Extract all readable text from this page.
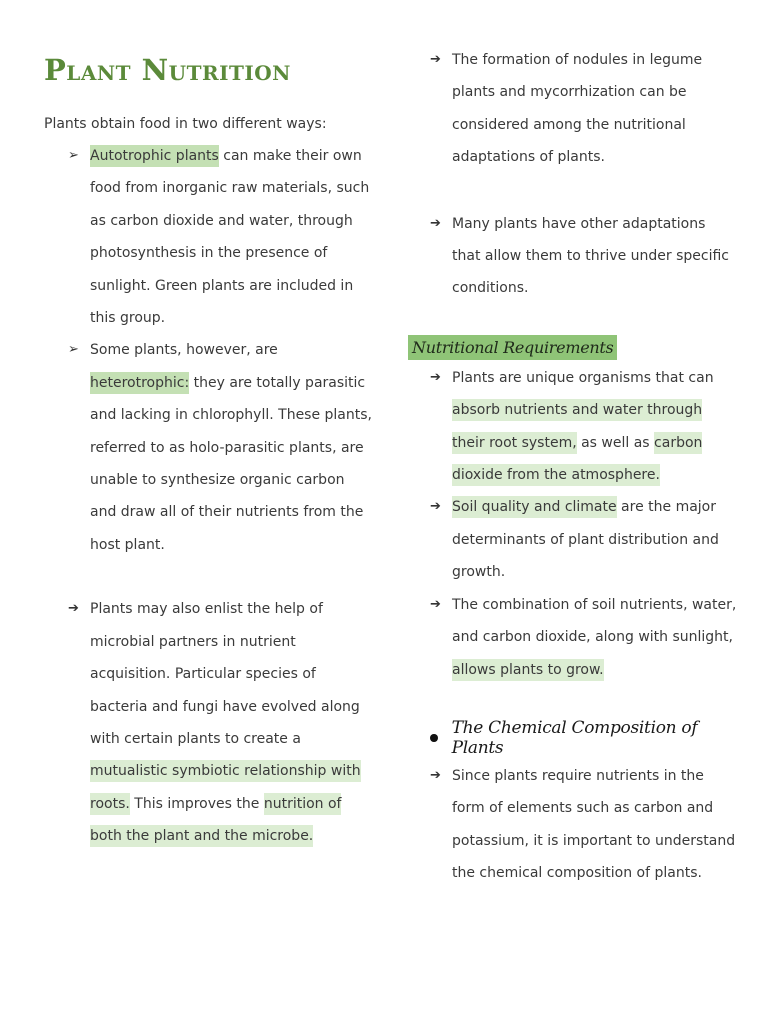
Plant Nutrition

Plants obtain food in two different ways:

➢ Autotrophic plants can make their own food from inorganic raw materials, such as carbon dioxide and water, through photosynthesis in the presence of sunlight. Green plants are included in this group.
➢ Some plants, however, are heterotrophic: they are totally parasitic and lacking in chlorophyll. These plants, referred to as holo-parasitic plants, are unable to synthesize organic carbon and draw all of their nutrients from the host plant.
➔ Plants may also enlist the help of microbial partners in nutrient acquisition. Particular species of bacteria and fungi have evolved along with certain plants to create a mutualistic symbiotic relationship with roots. This improves the nutrition of both the plant and the microbe.
➔ The formation of nodules in legume plants and mycorrhization can be considered among the nutritional adaptations of plants.
➔ Many plants have other adaptations that allow them to thrive under specific conditions.
Nutritional Requirements
➔ Plants are unique organisms that can absorb nutrients and water through their root system, as well as carbon dioxide from the atmosphere.
➔ Soil quality and climate are the major determinants of plant distribution and growth.
➔ The combination of soil nutrients, water, and carbon dioxide, along with sunlight, allows plants to grow.
The Chemical Composition of Plants
➔ Since plants require nutrients in the form of elements such as carbon and potassium, it is important to understand the chemical composition of plants.
